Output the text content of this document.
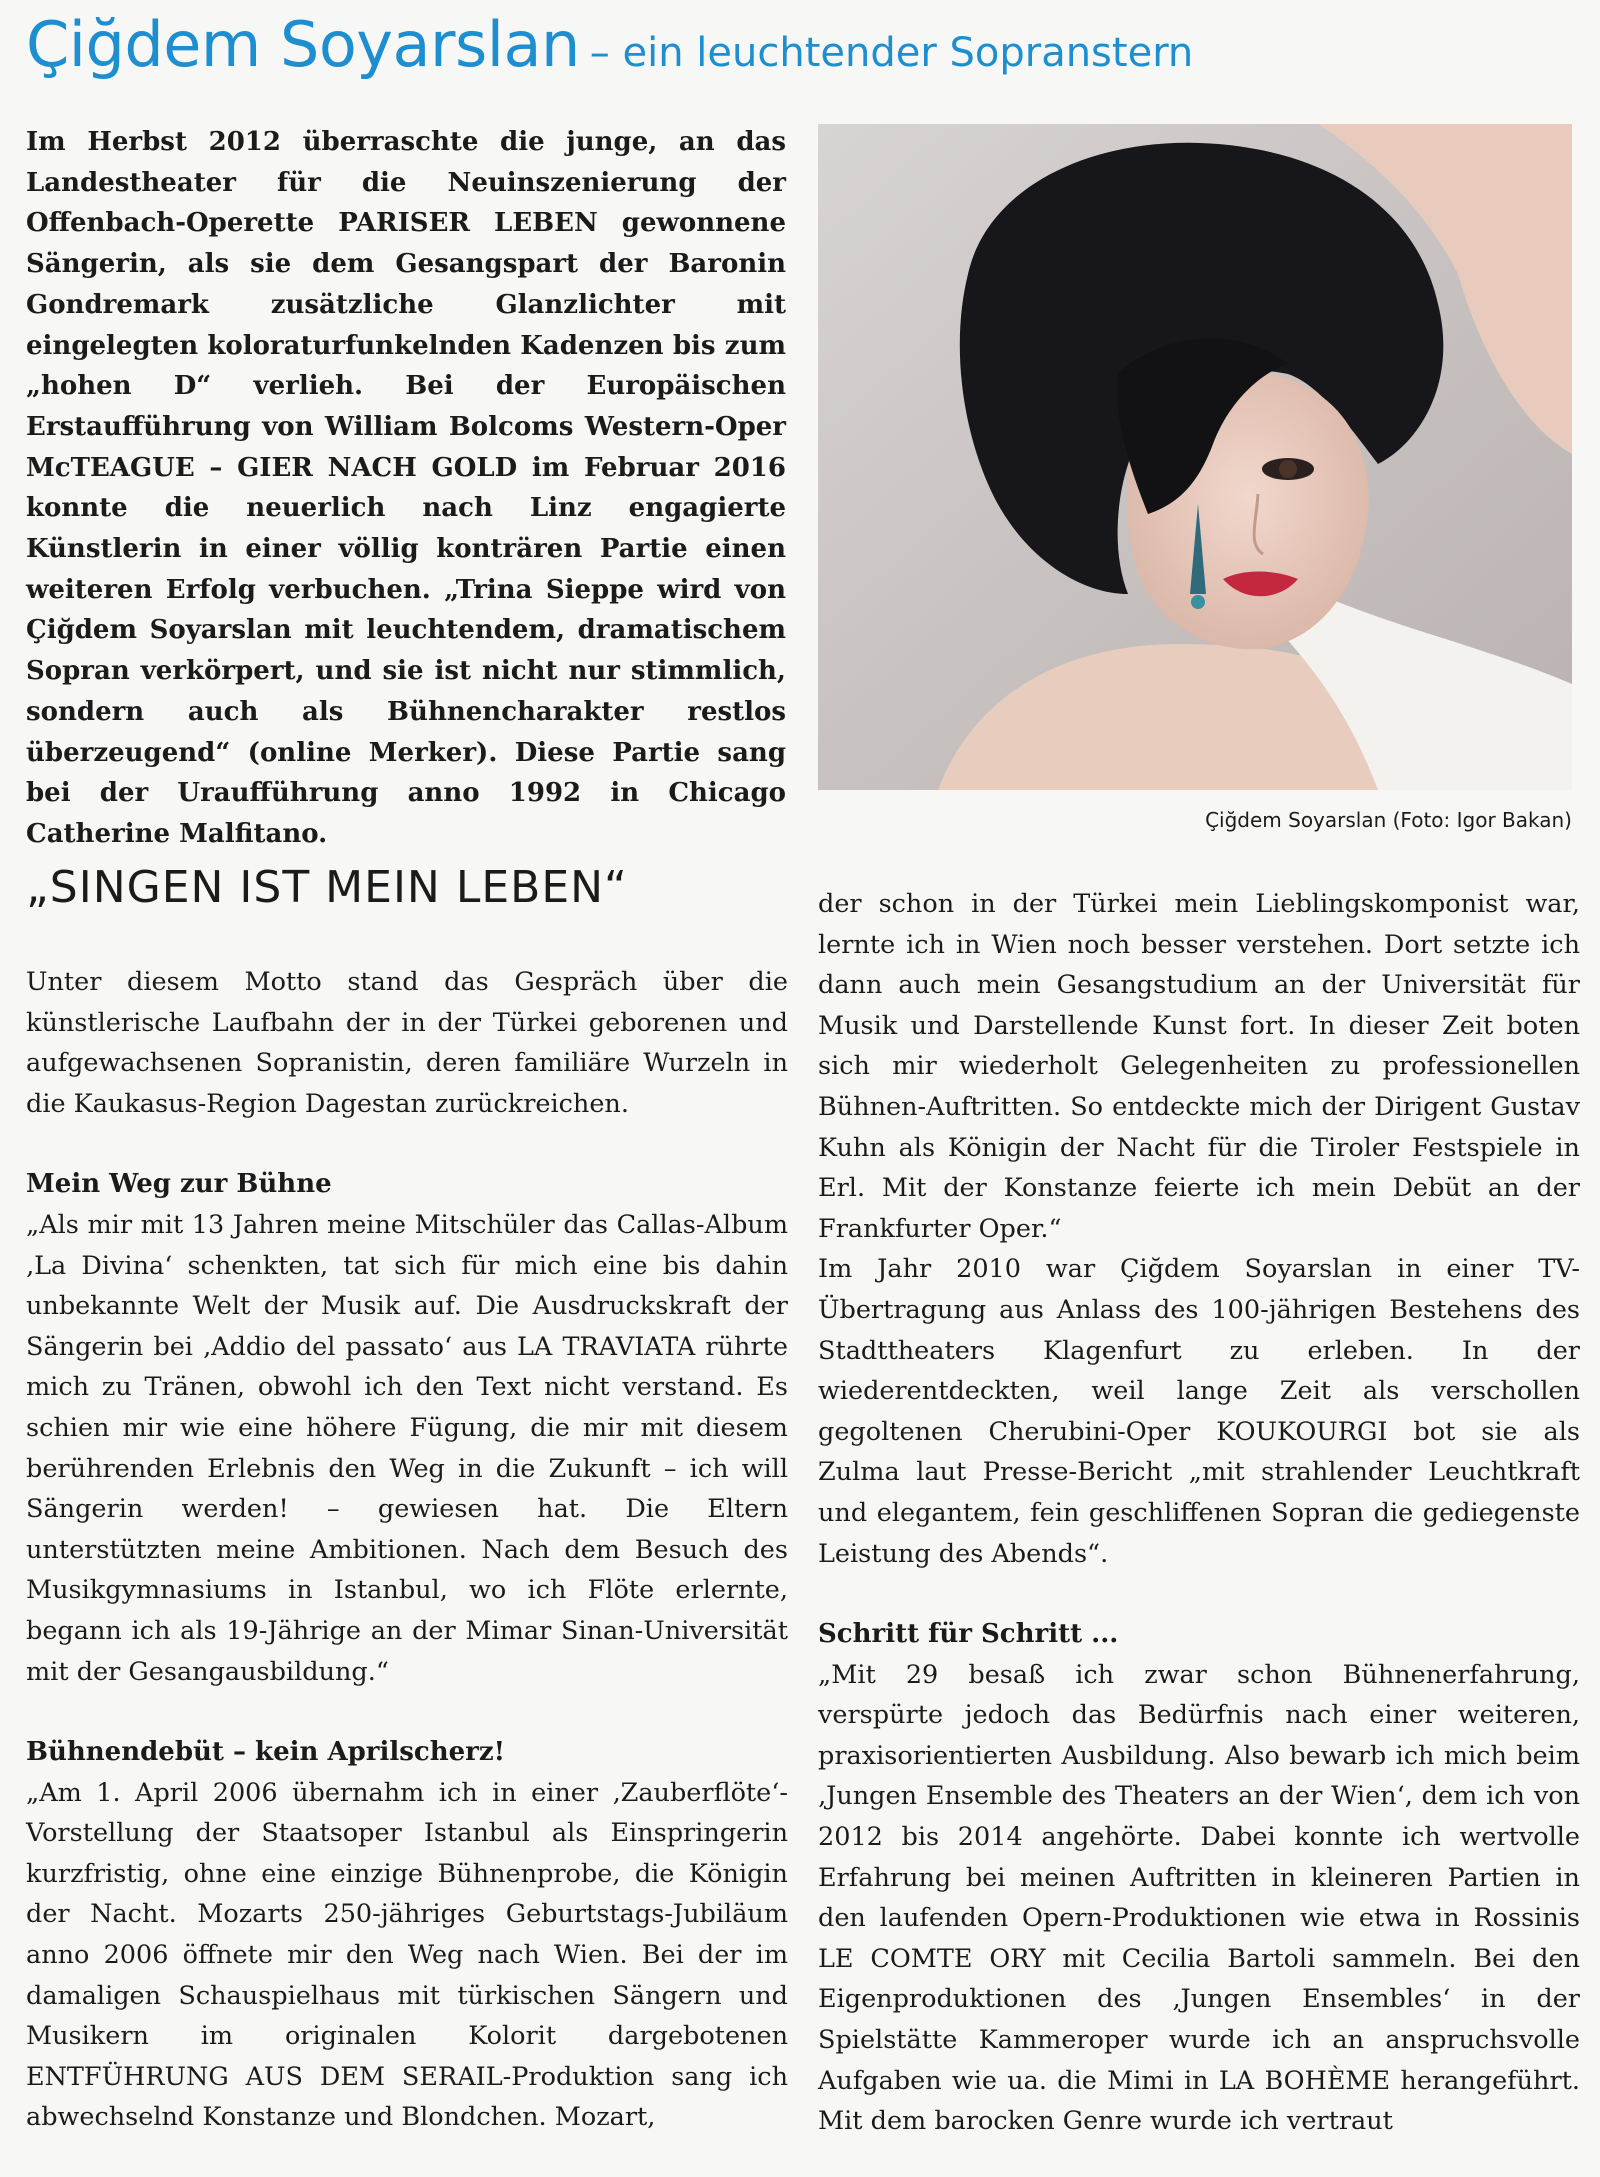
Çiğdem Soyarslan – ein leuchtender Sopranstern

Im Herbst 2012 überraschte die junge, an das Landestheater für die Neuinszenierung der Offenbach-Operette PARISER LEBEN gewonnene Sängerin, als sie dem Gesangspart der Baronin Gondremark zusätzliche Glanzlichter mit eingelegten koloraturfunkelnden Kadenzen bis zum „hohen D“ verlieh. Bei der Europäischen Erstaufführung von William Bolcoms Western-Oper McTEAGUE – GIER NACH GOLD im Februar 2016 konnte die neuerlich nach Linz engagierte Künstlerin in einer völlig konträren Partie einen weiteren Erfolg verbuchen. „Trina Sieppe wird von Çiğdem Soyarslan mit leuchtendem, dramatischem Sopran verkörpert, und sie ist nicht nur stimmlich, sondern auch als Bühnencharakter restlos überzeugend“ (online Merker). Diese Partie sang bei der Uraufführung anno 1992 in Chicago Catherine Malfitano.	Çiğdem Soyarslan (Foto: Igor Bakan)
„SINGEN IST MEIN LEBEN“

Unter diesem Motto stand das Gespräch über die künstlerische Laufbahn der in der Türkei geborenen und aufgewachsenen Sopranistin, deren familiäre Wurzeln in die Kaukasus-Region Dagestan zurückreichen.

Mein Weg zur Bühne

„Als mir mit 13 Jahren meine Mitschüler das Callas-Album ‚La Divina‘ schenkten, tat sich für mich eine bis dahin unbekannte Welt der Musik auf. Die Ausdruckskraft der Sängerin bei ‚Addio del passato‘ aus LA TRAVIATA rührte mich zu Tränen, obwohl ich den Text nicht verstand. Es schien mir wie eine höhere Fügung, die mir mit diesem berührenden Erlebnis den Weg in die Zukunft – ich will Sängerin werden! – gewiesen hat. Die Eltern unterstützten meine Ambitionen. Nach dem Besuch des Musikgymnasiums in Istanbul, wo ich Flöte erlernte, begann ich als 19-Jährige an der Mimar Sinan-Universität mit der Gesangausbildung.“

Bühnendebüt – kein Aprilscherz!

„Am 1. April 2006 übernahm ich in einer ‚Zauberflöte‘-Vorstellung der Staatsoper Istanbul als Einspringerin kurzfristig, ohne eine einzige Bühnenprobe, die Königin der Nacht. Mozarts 250-jähriges Geburtstags-Jubiläum anno 2006 öffnete mir den Weg nach Wien. Bei der im damaligen Schauspielhaus mit türkischen Sängern und Musikern im originalen Kolorit dargebotenen ENTFÜHRUNG AUS DEM SERAIL-Produktion sang ich abwechselnd Konstanze und Blondchen. Mozart,

der schon in der Türkei mein Lieblingskomponist war, lernte ich in Wien noch besser verstehen. Dort setzte ich dann auch mein Gesangstudium an der Universität für Musik und Darstellende Kunst fort. In dieser Zeit boten sich mir wiederholt Gelegenheiten zu professionellen Bühnen-Auftritten. So entdeckte mich der Dirigent Gustav Kuhn als Königin der Nacht für die Tiroler Festspiele in Erl. Mit der Konstanze feierte ich mein Debüt an der Frankfurter Oper.“

Im Jahr 2010 war Çiğdem Soyarslan in einer TV-Übertragung aus Anlass des 100-jährigen Bestehens des Stadttheaters Klagenfurt zu erleben. In der wiederentdeckten, weil lange Zeit als verschollen gegoltenen Cherubini-Oper KOUKOURGI bot sie als Zulma laut Presse-Bericht „mit strahlender Leuchtkraft und elegantem, fein geschliffenen Sopran die gediegenste Leistung des Abends“.

Schritt für Schritt ...

„Mit 29 besaß ich zwar schon Bühnenerfahrung, verspürte jedoch das Bedürfnis nach einer weiteren, praxisorientierten Ausbildung. Also bewarb ich mich beim ‚Jungen Ensemble des Theaters an der Wien‘, dem ich von 2012 bis 2014 angehörte. Dabei konnte ich wertvolle Erfahrung bei meinen Auftritten in kleineren Partien in den laufenden Opern-Produktionen wie etwa in Rossinis LE COMTE ORY mit Cecilia Bartoli sammeln. Bei den Eigenproduktionen des ‚Jungen Ensembles‘ in der Spielstätte Kammeroper wurde ich an anspruchsvolle Aufgaben wie ua. die Mimi in LA BOHÈME herangeführt. Mit dem barocken Genre wurde ich vertraut
